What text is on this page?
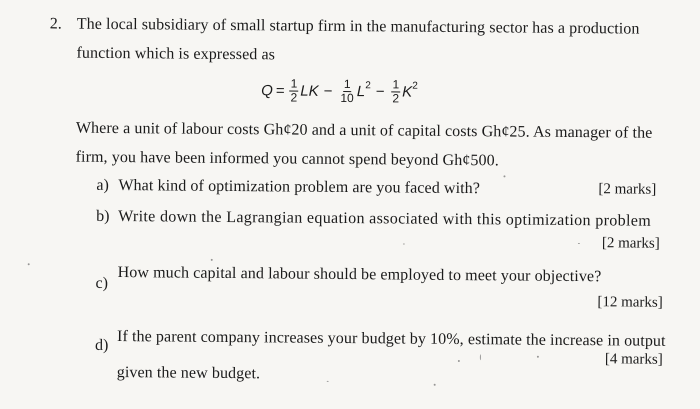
2. The local subsidiary of small startup firm in the manufacturing sector has a production
function which is expressed as
$Q = \frac{1}{2}$ LK − $\frac{1}{10} L^2 - \frac{1}{2} K^2$
Where a unit of labour costs Gh¢20 and a unit of capital costs Gh¢25. As manager of the
firm, you have been informed you cannot spend beyond Gh¢500.
a) What kind of optimization problem are you faced with?	[2 marks]
b) Write down the Lagrangian equation associated with this optimization problem
[2 marks]
c) How much capital and labour should be employed to meet your objective?
[12 marks]
d) If the parent company increases your budget by 10%, estimate the increase in output
[4 marks]
given the new budget.
